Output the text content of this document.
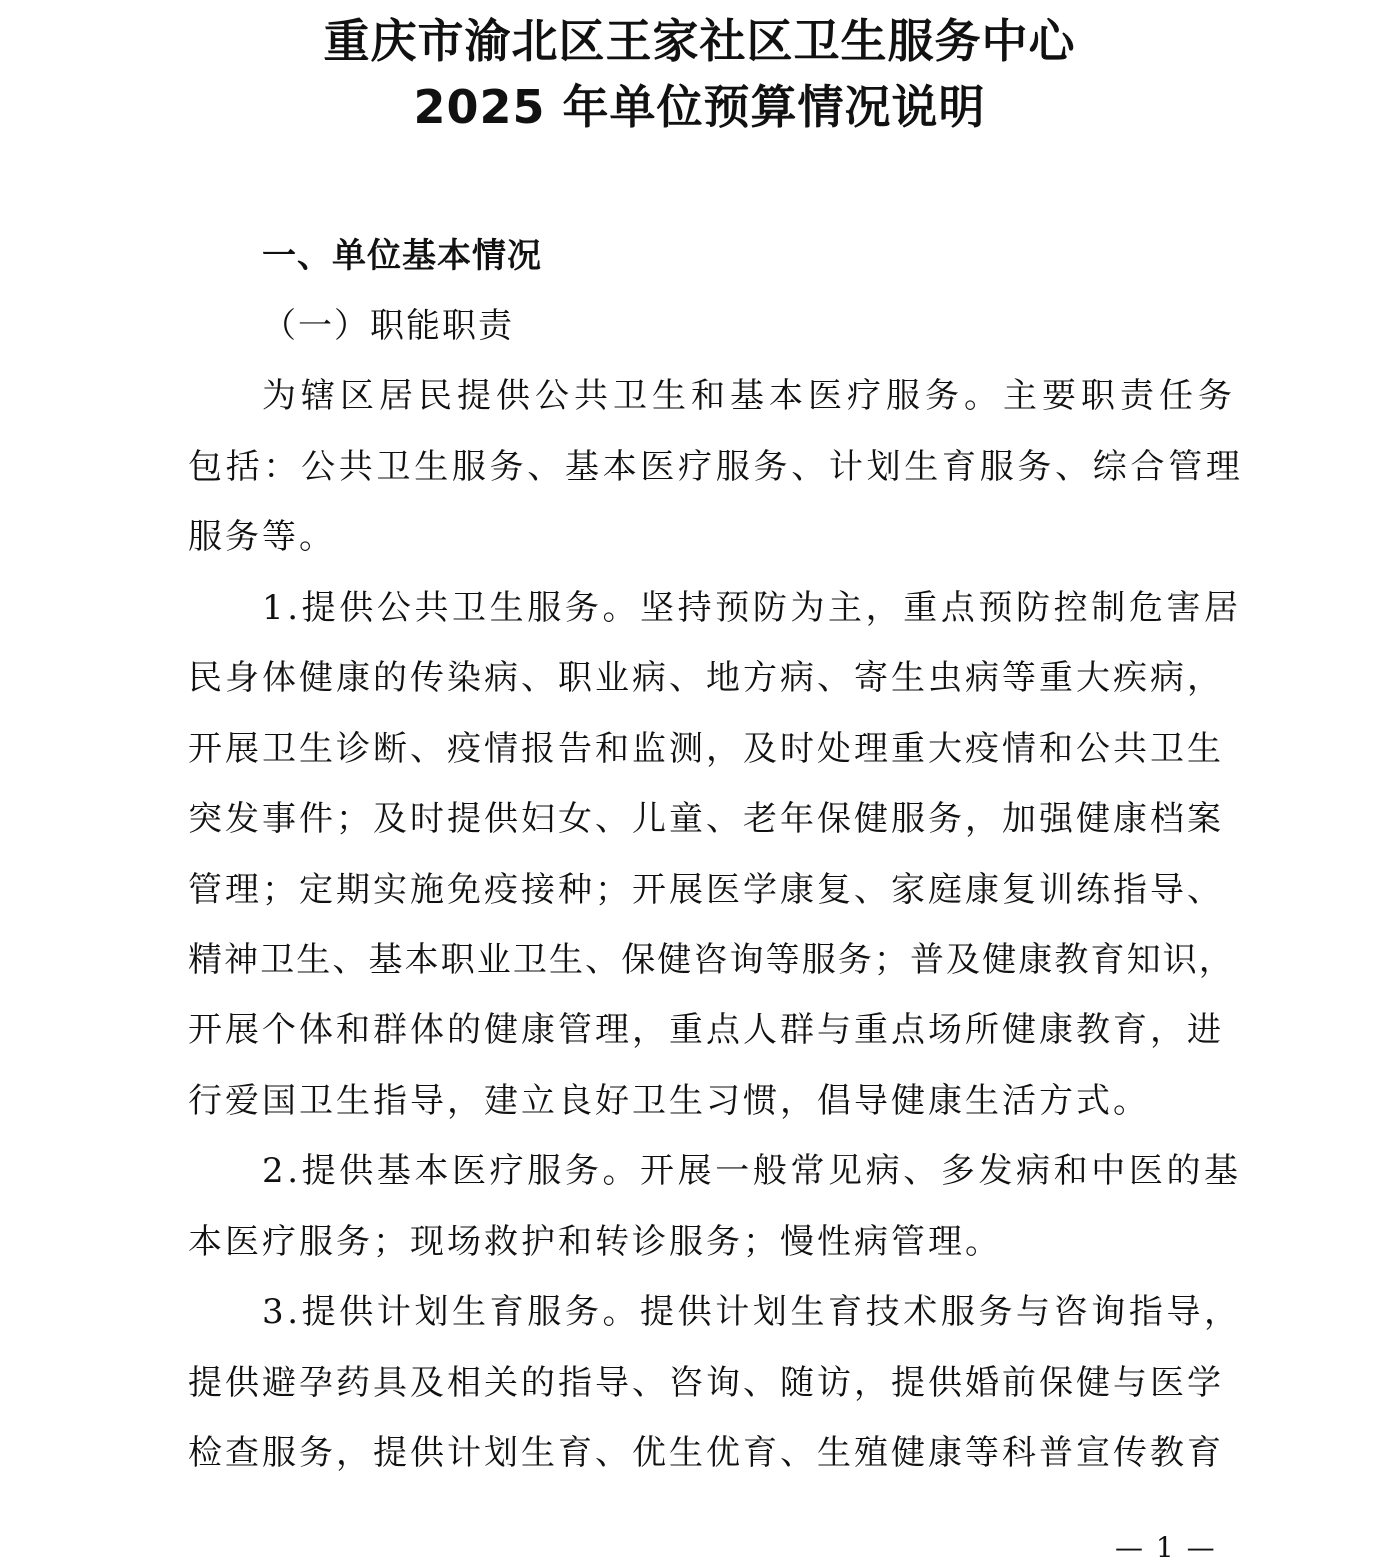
重庆市渝北区王家社区卫生服务中心
2025 年单位预算情况说明
一、单位基本情况
（一）职能职责
为辖区居民提供公共卫生和基本医疗服务。主要职责任务
包括：公共卫生服务、基本医疗服务、计划生育服务、综合管理
服务等。
1.提供公共卫生服务。坚持预防为主，重点预防控制危害居
民身体健康的传染病、职业病、地方病、寄生虫病等重大疾病，
开展卫生诊断、疫情报告和监测，及时处理重大疫情和公共卫生
突发事件；及时提供妇女、儿童、老年保健服务，加强健康档案
管理；定期实施免疫接种；开展医学康复、家庭康复训练指导、
精神卫生、基本职业卫生、保健咨询等服务；普及健康教育知识，
开展个体和群体的健康管理，重点人群与重点场所健康教育，进
行爱国卫生指导，建立良好卫生习惯，倡导健康生活方式。
2.提供基本医疗服务。开展一般常见病、多发病和中医的基
本医疗服务；现场救护和转诊服务；慢性病管理。
3.提供计划生育服务。提供计划生育技术服务与咨询指导，
提供避孕药具及相关的指导、咨询、随访，提供婚前保健与医学
检查服务，提供计划生育、优生优育、生殖健康等科普宣传教育
— 1 —
